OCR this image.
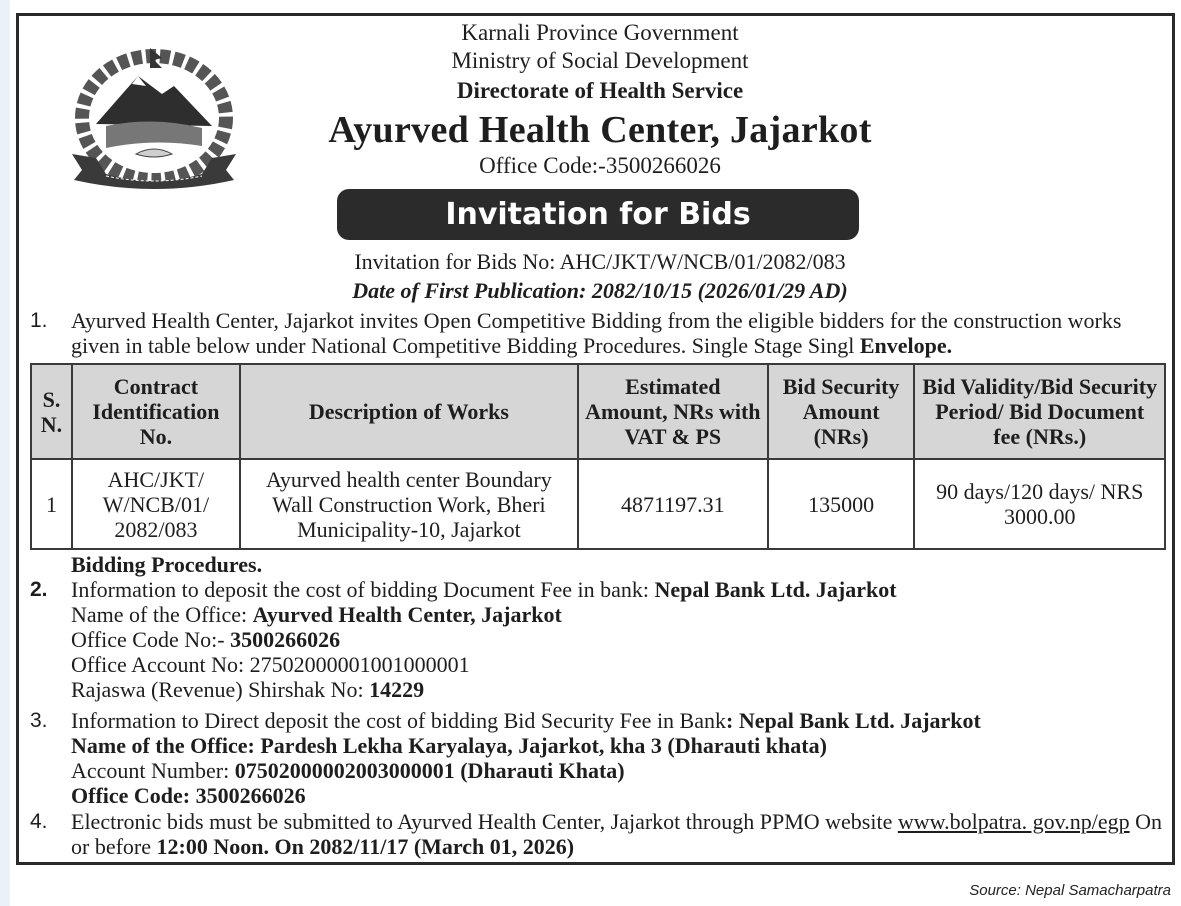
Karnali Province Government
Ministry of Social Development
Directorate of Health Service
Ayurved Health Center, Jajarkot
Office Code:-3500266026
Invitation for Bids
Invitation for Bids No: AHC/JKT/W/NCB/01/2082/083
Date of First Publication: 2082/10/15 (2026/01/29 AD)
1. Ayurved Health Center, Jajarkot invites Open Competitive Bidding from the eligible bidders for the construction works given in table below under National Competitive Bidding Procedures. Single Stage Singl Envelope.
S. N.	Contract Identification No.	Description of Works	Estimated Amount, NRs with VAT & PS	Bid Security Amount (NRs)	Bid Validity/Bid Security Period/ Bid Document fee (NRs.)
1	AHC/JKT/ W/NCB/01/ 2082/083	Ayurved health center Boundary Wall Construction Work, Bheri Municipality-10, Jajarkot	4871197.31	135000	90 days/120 days/ NRS 3000.00
Bidding Procedures.
2. Information to deposit the cost of bidding Document Fee in bank: Nepal Bank Ltd. Jajarkot
Name of the Office: Ayurved Health Center, Jajarkot
Office Code No:- 3500266026
Office Account No: 27502000001001000001
Rajaswa (Revenue) Shirshak No: 14229
3. Information to Direct deposit the cost of bidding Bid Security Fee in Bank: Nepal Bank Ltd. Jajarkot
Name of the Office: Pardesh Lekha Karyalaya, Jajarkot, kha 3 (Dharauti khata)
Account Number: 07502000002003000001 (Dharauti Khata)
Office Code: 3500266026
4. Electronic bids must be submitted to Ayurved Health Center, Jajarkot through PPMO website www.bolpatra. gov.np/egp On or before 12:00 Noon. On 2082/11/17 (March 01, 2026)
Source: Nepal Samacharpatra
